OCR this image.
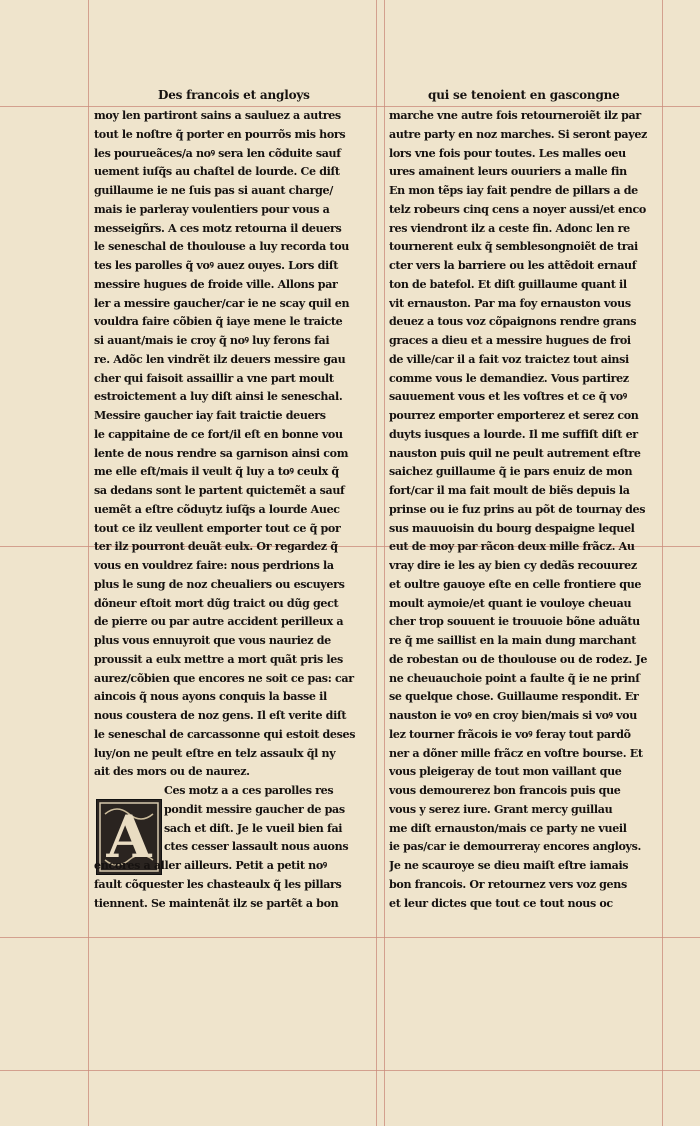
Des francois et angloys	qui se tenoient en gascongne
A
moy len partiront sains a sauluez a autres
tout le noſtre q̃ porter en pourrõs mis hors
les pourueãces/a noꝰ sera len cõduite sauf
uement iuſq̃s au chaſtel de lourde. Ce diſt
guillaume ie ne ſuis pas si auant charge/
mais ie parleray voulentiers pour vous a
messeigñrs. A ces motz retourna il deuers
le seneschal de thoulouse a luy recorda tou
tes les parolles q̃ voꝰ auez ouyes. Lors diſt
messire hugues de froide ville. Allons par
ler a messire gaucher/car ie ne scay quil en
vouldra faire cõbien q̃ iaye mene le traicte
si auant/mais ie croy q̃ noꝰ luy ferons fai
re. Adõc len vindrẽt ilz deuers messire gau
cher qui faisoit assaillir a vne part moult
estroictement a luy diſt ainsi le seneschal.
Messire gaucher iay fait traictie deuers
le cappitaine de ce fort/il eſt en bonne vou
lente de nous rendre sa garnison ainsi com
me elle eſt/mais il veult q̃ luy a toꝰ ceulx q̃
sa dedans sont le partent quictemẽt a sauf
uemẽt a eſtre cõduytz iuſq̃s a lourde Auec
tout ce ilz veullent emporter tout ce q̃ por
ter ilz pourront deuãt eulx. Or regardez q̃
vous en vouldrez faire: nous perdrions la
plus le sung de noz cheualiers ou escuyers
dõneur eſtoit mort dũg traict ou dũg gect
de pierre ou par autre accident perilleux a
plus vous ennuyroit que vous nauriez de
proussit a eulx mettre a mort quãt pris les
aurez/cõbien que encores ne soit ce pas: car
aincois q̃ nous ayons conquis la basse il
nous coustera de noz gens. Il eſt verite diſt
le seneschal de carcassonne qui estoit deses
luy/on ne peult eſtre en telz assaulx q̃l ny
ait des mors ou de naurez.
Ces motz a a ces parolles res
pondit messire gaucher de pas
sach et diſt. Je le vueil bien fai
ctes cesser lassault nous auons
encores a aller ailleurs. Petit a petit noꝰ
fault cõquester les chasteaulx q̃ les pillars
tiennent. Se maintenãt ilz se partẽt a bon
marche vne autre fois retourneroiẽt ilz par
autre party en noz marches. Si seront payez
lors vne fois pour toutes. Les malles oeu
ures amainent leurs ouuriers a malle fin
En mon tẽps iay fait pendre de pillars a de
telz robeurs cinq cens a noyer aussi/et enco
res viendront ilz a ceste fin. Adonc len re
tournerent eulx q̃ semblesongnoiẽt de trai
cter vers la barriere ou les attẽdoit ernauf
ton de batefol. Et diſt guillaume quant il
vit ernauston. Par ma foy ernauston vous
deuez a tous voz cõpaignons rendre grans
graces a dieu et a messire hugues de froi
de ville/car il a fait voz traictez tout ainsi
comme vous le demandiez. Vous partirez
sauuement vous et les voſtres et ce q̃ voꝰ
pourrez emporter emporterez et serez con
duyts iusques a lourde. Il me suffiſt diſt er
nauston puis quil ne peult autrement eſtre
saichez guillaume q̃ ie pars enuiz de mon
fort/car il ma fait moult de biẽs depuis la
prinse ou ie fuz prins au põt de tournay des
sus mauuoisin du bourg despaigne lequel
eut de moy par rãcon deux mille frãcz. Au
vray dire ie les ay bien cy dedãs recouurez
et oultre gauoye eſte en celle frontiere que
moult aymoie/et quant ie vouloye cheuau
cher trop souuent ie trouuoie bõne aduãtu
re q̃ me saillist en la main dung marchant
de robestan ou de thoulouse ou de rodez. Je
ne cheuauchoie point a faulte q̃ ie ne prinſ
se quelque chose. Guillaume respondit. Er
nauston ie voꝰ en croy bien/mais si voꝰ vou
lez tourner frãcois ie voꝰ feray tout pardõ
ner a dõner mille frãcz en voſtre bourse. Et
vous pleigeray de tout mon vaillant que
vous demourerez bon francois puis que
vous y serez iure. Grant mercy guillau
me diſt ernauston/mais ce party ne vueil
ie pas/car ie demourreray encores angloys.
Je ne scauroye se dieu maiſt eſtre iamais
bon francois. Or retournez vers voz gens
et leur dictes que tout ce tout nous oc
